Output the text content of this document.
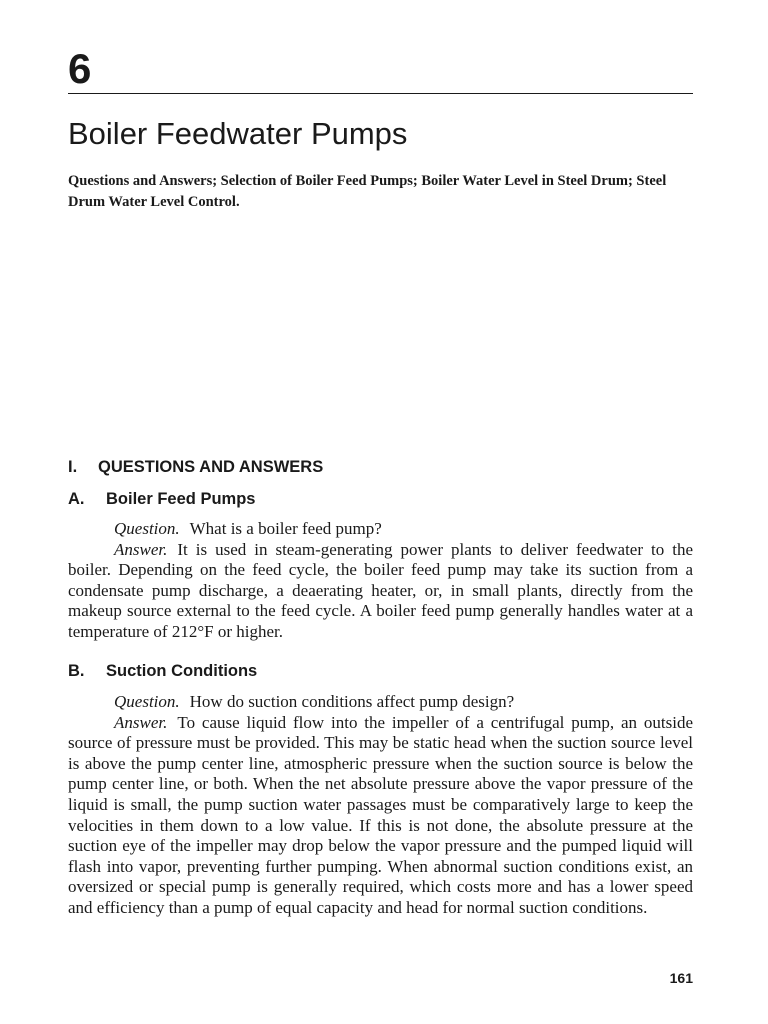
6
Boiler Feedwater Pumps

Questions and Answers; Selection of Boiler Feed Pumps; Boiler Water Level in Steel Drum; Steel Drum Water Level Control.

I. QUESTIONS AND ANSWERS
A. Boiler Feed Pumps

Question. What is a boiler feed pump?

Answer. It is used in steam-generating power plants to deliver feedwater to the boiler. Depending on the feed cycle, the boiler feed pump may take its suction from a condensate pump discharge, a deaerating heater, or, in small plants, directly from the makeup source external to the feed cycle. A boiler feed pump generally handles water at a temperature of 212°F or higher.

B. Suction Conditions

Question. How do suction conditions affect pump design?

Answer. To cause liquid flow into the impeller of a centrifugal pump, an outside source of pressure must be provided. This may be static head when the suction source level is above the pump center line, atmospheric pressure when the suction source is below the pump center line, or both. When the net absolute pressure above the vapor pressure of the liquid is small, the pump suction water passages must be comparatively large to keep the velocities in them down to a low value. If this is not done, the absolute pressure at the suction eye of the impeller may drop below the vapor pressure and the pumped liquid will flash into vapor, preventing further pumping. When abnormal suction conditions exist, an oversized or special pump is generally required, which costs more and has a lower speed and efficiency than a pump of equal capacity and head for normal suction conditions.

161
